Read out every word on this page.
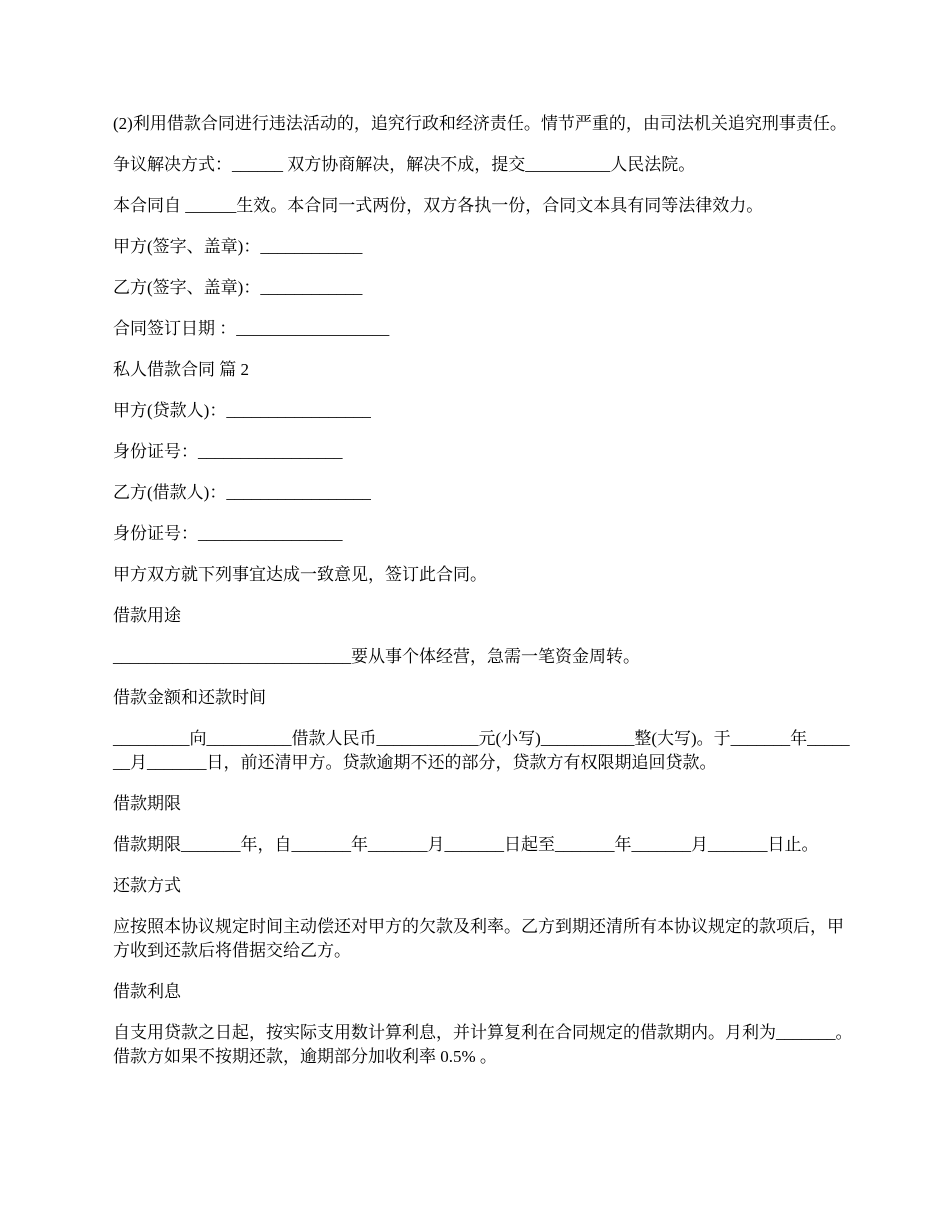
(2)利用借款合同进行违法活动的，追究行政和经济责任。情节严重的，由司法机关追究刑事责任。

争议解决方式：______ 双方协商解决，解决不成，提交__________人民法院。

本合同自 ______生效。本合同一式两份，双方各执一份，合同文本具有同等法律效力。

甲方(签字、盖章)：____________

乙方(签字、盖章)：____________

合同签订日期 ：__________________

私人借款合同 篇 2

甲方(贷款人)：_________________

身份证号：_________________

乙方(借款人)：_________________

身份证号：_________________

甲方双方就下列事宜达成一致意见，签订此合同。

借款用途

____________________________要从事个体经营，急需一笔资金周转。

借款金额和还款时间

_________向__________借款人民币____________元(小写)___________整(大写)。于_______年_______月_______日，前还清甲方。贷款逾期不还的部分，贷款方有权限期追回贷款。

借款期限

借款期限_______年，自_______年_______月_______日起至_______年_______月_______日止。

还款方式

应按照本协议规定时间主动偿还对甲方的欠款及利率。乙方到期还清所有本协议规定的款项后，甲方收到还款后将借据交给乙方。

借款利息

自支用贷款之日起，按实际支用数计算利息，并计算复利在合同规定的借款期内。月利为_______。借款方如果不按期还款，逾期部分加收利率 0.5% 。
